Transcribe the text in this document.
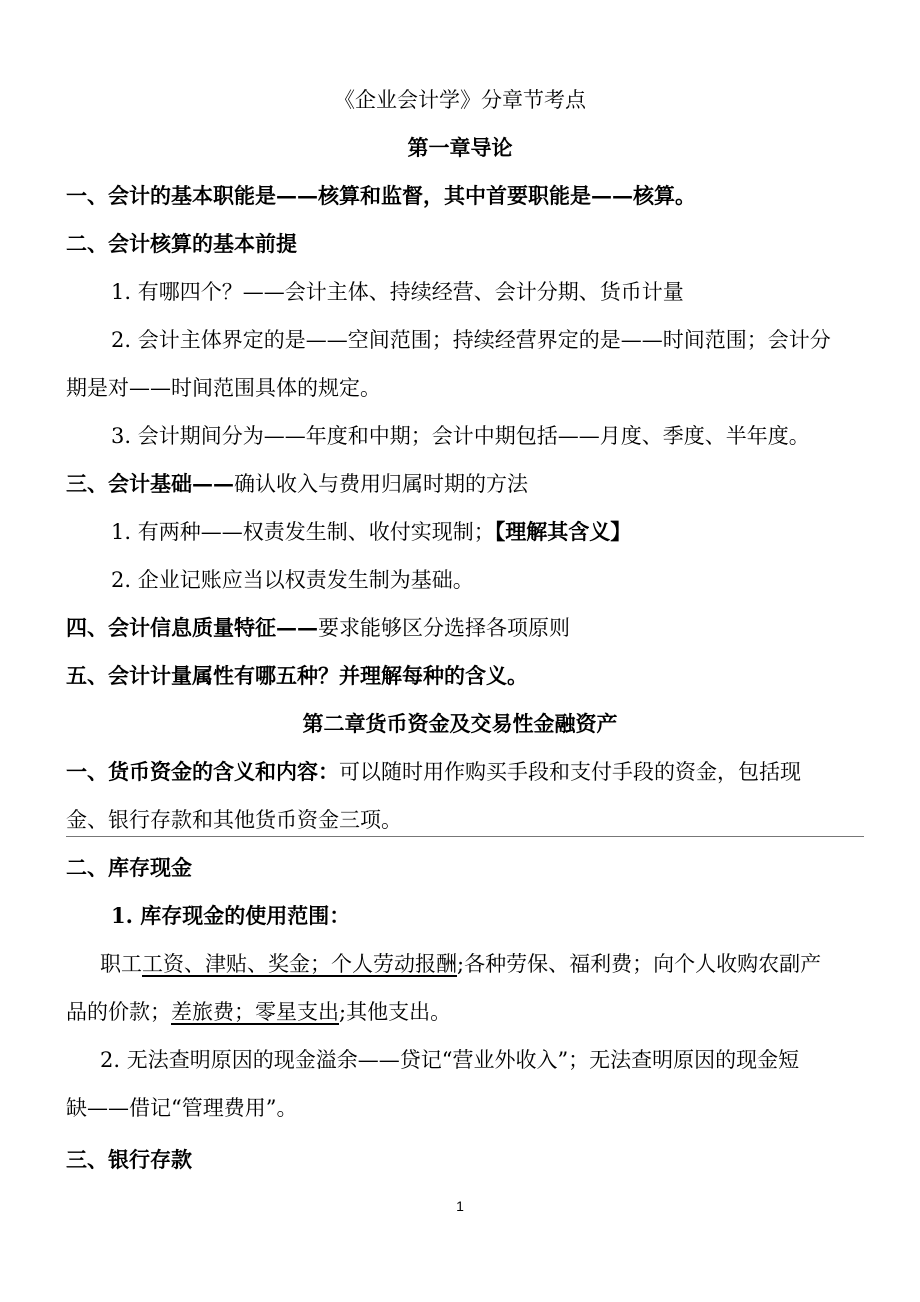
《企业会计学》分章节考点
第一章导论
一、会计的基本职能是——核算和监督，其中首要职能是——核算。
二、会计核算的基本前提
1. 有哪四个？——会计主体、持续经营、会计分期、货币计量
2. 会计主体界定的是——空间范围；持续经营界定的是——时间范围；会计分
期是对——时间范围具体的规定。
3. 会计期间分为——年度和中期；会计中期包括——月度、季度、半年度。
三、会计基础——确认收入与费用归属时期的方法
1. 有两种——权责发生制、收付实现制；【理解其含义】
2. 企业记账应当以权责发生制为基础。
四、会计信息质量特征——要求能够区分选择各项原则
五、会计计量属性有哪五种？并理解每种的含义。
第二章货币资金及交易性金融资产
一、货币资金的含义和内容：可以随时用作购买手段和支付手段的资金，包括现
金、银行存款和其他货币资金三项。
二、库存现金
1. 库存现金的使用范围：
职工工资、津贴、奖金；个人劳动报酬;各种劳保、福利费；向个人收购农副产
品的价款；差旅费；零星支出;其他支出。
2. 无法查明原因的现金溢余——贷记“营业外收入”；无法查明原因的现金短
缺——借记“管理费用”。
三、银行存款
1
